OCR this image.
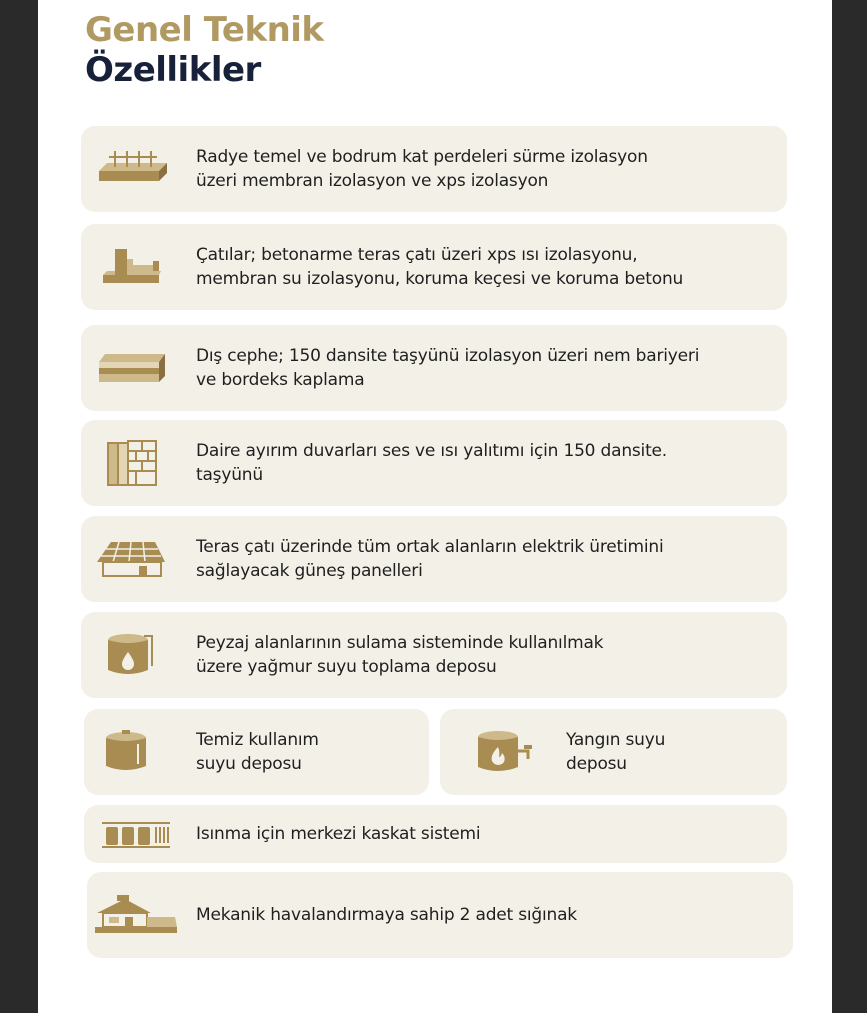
Genel Teknik
Özellikler
Radye temel ve bodrum kat perdeleri sürme izolasyon
üzeri membran izolasyon ve xps izolasyon
Çatılar; betonarme teras çatı üzeri xps ısı izolasyonu,
membran su izolasyonu, koruma keçesi ve koruma betonu
Dış cephe; 150 dansite taşyünü izolasyon üzeri nem bariyeri
ve bordeks kaplama
Daire ayırım duvarları ses ve ısı yalıtımı için 150 dansite.
taşyünü
Teras çatı üzerinde tüm ortak alanların elektrik üretimini
sağlayacak güneş panelleri
Peyzaj alanlarının sulama sisteminde kullanılmak
üzere yağmur suyu toplama deposu
Temiz kullanım
suyu deposu
Yangın suyu
deposu
Isınma için merkezi kaskat sistemi
Mekanik havalandırmaya sahip 2 adet sığınak
